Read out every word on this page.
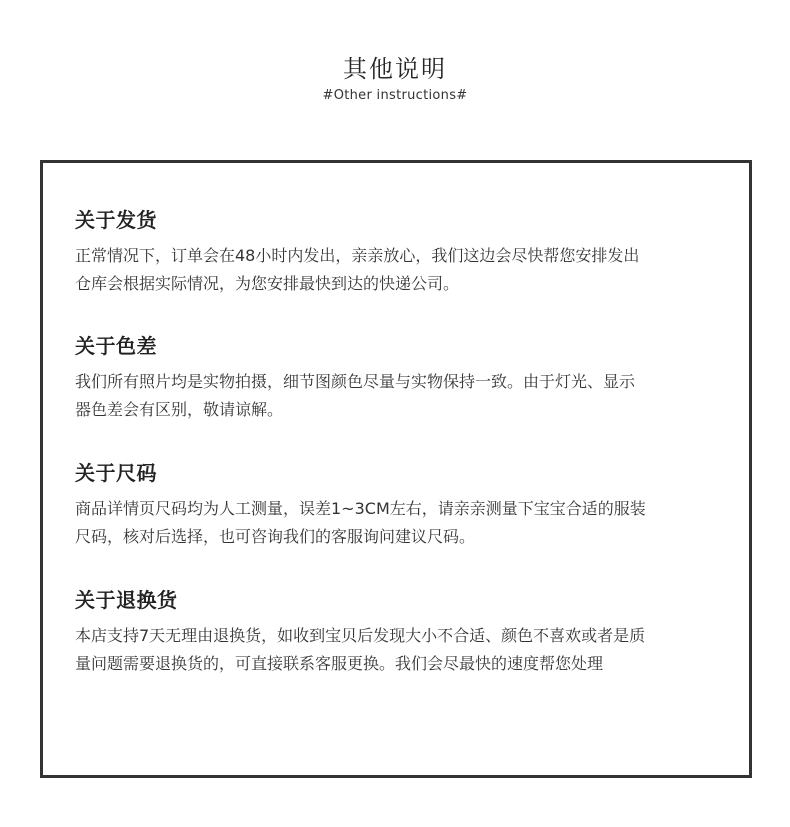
其他说明
#Other instructions#
关于发货
正常情况下，订单会在48小时内发出，亲亲放心，我们这边会尽快帮您安排发出
仓库会根据实际情况，为您安排最快到达的快递公司。
关于色差
我们所有照片均是实物拍摄，细节图颜色尽量与实物保持一致。由于灯光、显示
器色差会有区别，敬请谅解。
关于尺码
商品详情页尺码均为人工测量，误差1~3CM左右，请亲亲测量下宝宝合适的服装
尺码，核对后选择，也可咨询我们的客服询问建议尺码。
关于退换货
本店支持7天无理由退换货，如收到宝贝后发现大小不合适、颜色不喜欢或者是质
量问题需要退换货的，可直接联系客服更换。我们会尽最快的速度帮您处理
